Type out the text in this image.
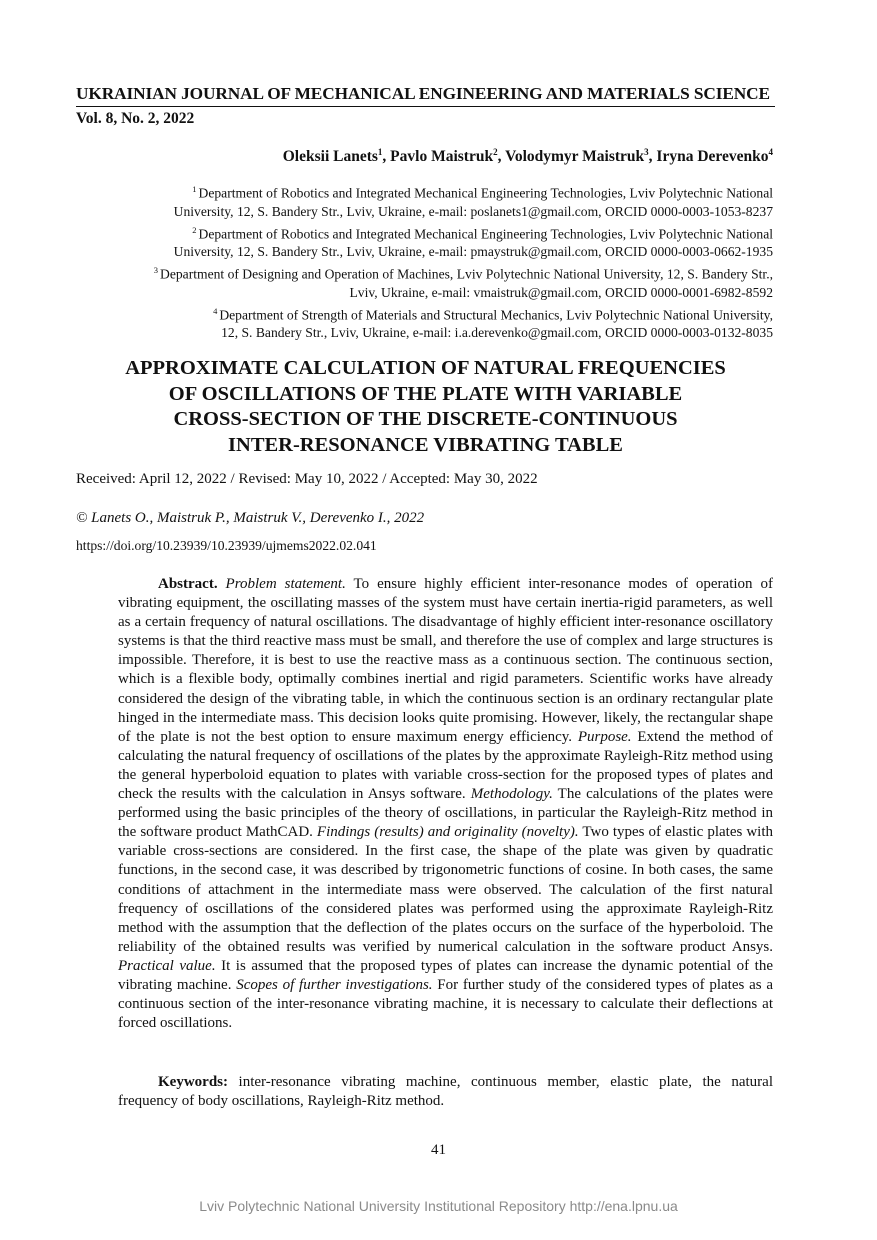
UKRAINIAN JOURNAL OF MECHANICAL ENGINEERING AND MATERIALS SCIENCE
Vol. 8, No. 2, 2022
Oleksii Lanets$^1$, Pavlo Maistruk$^2$, Volodymyr Maistruk$^3$, Iryna Derevenko$^4$
$^1$ Department of Robotics and Integrated Mechanical Engineering Technologies, Lviv Polytechnic National
University, 12, S. Bandery Str., Lviv, Ukraine, e-mail: poslanets1@gmail.com, ORCID 0000-0003-1053-8237
$^2$ Department of Robotics and Integrated Mechanical Engineering Technologies, Lviv Polytechnic National
University, 12, S. Bandery Str., Lviv, Ukraine, e-mail: pmaystruk@gmail.com, ORCID 0000-0003-0662-1935
$^3$ Department of Designing and Operation of Machines, Lviv Polytechnic National University, 12, S. Bandery Str.,
Lviv, Ukraine, e-mail: vmaistruk@gmail.com, ORCID 0000-0001-6982-8592
$^4$ Department of Strength of Materials and Structural Mechanics, Lviv Polytechnic National University,
12, S. Bandery Str., Lviv, Ukraine, e-mail: i.a.derevenko@gmail.com, ORCID 0000-0003-0132-8035
APPROXIMATE CALCULATION OF NATURAL FREQUENCIES
OF OSCILLATIONS OF THE PLATE WITH VARIABLE
CROSS-SECTION OF THE DISCRETE-CONTINUOUS
INTER-RESONANCE VIBRATING TABLE
Received: April 12, 2022 / Revised: May 10, 2022 / Accepted: May 30, 2022
© Lanets O., Maistruk P., Maistruk V., Derevenko I., 2022
https://doi.org/10.23939/10.23939/ujmems2022.02.041
Abstract. Problem statement. To ensure highly efficient inter-resonance modes of operation of vibrating equipment, the oscillating masses of the system must have certain inertia-rigid parameters, as well as a certain frequency of natural oscillations. The disadvantage of highly efficient inter-resonance oscillatory systems is that the third reactive mass must be small, and therefore the use of complex and large structures is impossible. Therefore, it is best to use the reactive mass as a continuous section. The continuous section, which is a flexible body, optimally combines inertial and rigid parameters. Scientific works have already considered the design of the vibrating table, in which the continuous section is an ordinary rectangular plate hinged in the intermediate mass. This decision looks quite promising. However, likely, the rectangular shape of the plate is not the best option to ensure maximum energy efficiency. Purpose. Extend the method of calculating the natural frequency of oscillations of the plates by the approximate Rayleigh-Ritz method using the general hyperboloid equation to plates with variable cross-section for the proposed types of plates and check the results with the calculation in Ansys software. Methodology. The calculations of the plates were performed using the basic principles of the theory of oscillations, in particular the Rayleigh-Ritz method in the software product MathCAD. Findings (results) and originality (novelty). Two types of elastic plates with variable cross-sections are considered. In the first case, the shape of the plate was given by quadratic functions, in the second case, it was described by trigonometric functions of cosine. In both cases, the same conditions of attachment in the intermediate mass were observed. The calculation of the first natural frequency of oscillations of the considered plates was performed using the approximate Rayleigh-Ritz method with the assumption that the deflection of the plates occurs on the surface of the hyperboloid. The reliability of the obtained results was verified by numerical calculation in the software product Ansys. Practical value. It is assumed that the proposed types of plates can increase the dynamic potential of the vibrating machine. Scopes of further investigations. For further study of the considered types of plates as a continuous section of the inter-resonance vibrating machine, it is necessary to calculate their deflections at forced oscillations.
Keywords: inter-resonance vibrating machine, continuous member, elastic plate, the natural frequency of body oscillations, Rayleigh-Ritz method.
41
Lviv Polytechnic National University Institutional Repository http://ena.lpnu.ua
